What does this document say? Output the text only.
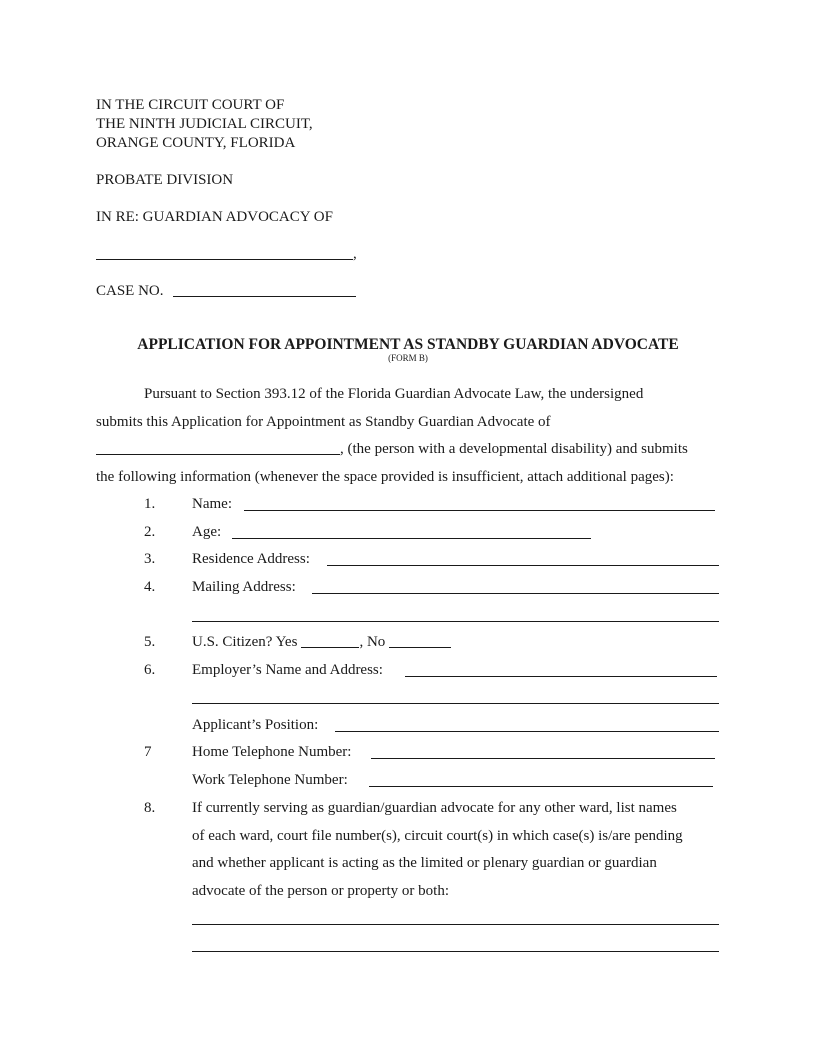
IN THE CIRCUIT COURT OF
THE NINTH JUDICIAL CIRCUIT,
ORANGE COUNTY, FLORIDA
PROBATE DIVISION
IN RE: GUARDIAN ADVOCACY OF
,
CASE NO.
APPLICATION FOR APPOINTMENT AS STANDBY GUARDIAN ADVOCATE
(FORM B)
Pursuant to Section 393.12 of the Florida Guardian Advocate Law, the undersigned
submits this Application for Appointment as Standby Guardian Advocate of
, (the person with a developmental disability) and submits
the following information (whenever the space provided is insufficient, attach additional pages):
1. Name:
2. Age:
3. Residence Address:
4. Mailing Address:
5. U.S. Citizen? Yes	, No
6. Employer’s Name and Address:
Applicant’s Position:
7	Home Telephone Number:
Work Telephone Number:
8. If currently serving as guardian/guardian advocate for any other ward, list names
of each ward, court file number(s), circuit court(s) in which case(s) is/are pending
and whether applicant is acting as the limited or plenary guardian or guardian
advocate of the person or property or both:
